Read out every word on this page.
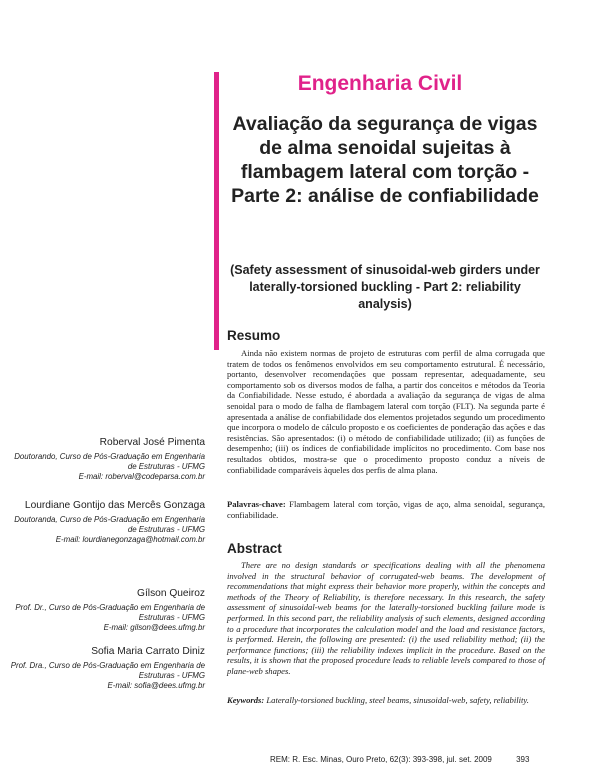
Engenharia Civil
Avaliação da segurança de vigas de alma senoidal sujeitas à flambagem lateral com torção - Parte 2: análise de confiabilidade
(Safety assessment of sinusoidal-web girders under laterally-torsioned buckling - Part 2: reliability analysis)
Resumo

Ainda não existem normas de projeto de estruturas com perfil de alma corrugada que tratem de todos os fenômenos envolvidos em seu comportamento estrutural. É necessário, portanto, desenvolver recomendações que possam representar, adequadamente, seu comportamento sob os diversos modos de falha, a partir dos conceitos e métodos da Teoria da Confiabilidade. Nesse estudo, é abordada a avaliação da segurança de vigas de alma senoidal para o modo de falha de flambagem lateral com torção (FLT). Na segunda parte é apresentada a análise de confiabilidade dos elementos projetados segundo um procedimento que incorpora o modelo de cálculo proposto e os coeficientes de ponderação das ações e das resistências. São apresentados: (i) o método de confiabilidade utilizado; (ii) as funções de desempenho; (iii) os índices de confiabilidade implícitos no procedimento. Com base nos resultados obtidos, mostra-se que o procedimento proposto conduz a níveis de confiabilidade comparáveis àqueles dos perfis de alma plana.

Palavras-chave: Flambagem lateral com torção, vigas de aço, alma senoidal, segurança, confiabilidade.
Abstract

There are no design standards or specifications dealing with all the phenomena involved in the structural behavior of corrugated-web beams. The development of recommendations that might express their behavior more properly, within the concepts and methods of the Theory of Reliability, is therefore necessary. In this research, the safety assessment of sinusoidal-web beams for the laterally-torsioned buckling failure mode is performed. In this second part, the reliability analysis of such elements, designed according to a procedure that incorporates the calculation model and the load and resistance factors, is performed. Herein, the following are presented: (i) the used reliability method; (ii) the performance functions; (iii) the reliability indexes implicit in the procedure. Based on the results, it is shown that the proposed procedure leads to reliable levels compared to those of plane-web shapes.

Keywords: Laterally-torsioned buckling, steel beams, sinusoidal-web, safety, reliability.
Roberval José Pimenta
Doutorando, Curso de Pós-Graduação em Engenharia de Estruturas - UFMG
E-mail: roberval@codeparsa.com.br
Lourdiane Gontijo das Mercês Gonzaga
Doutoranda, Curso de Pós-Graduação em Engenharia de Estruturas - UFMG
E-mail: lourdianegonzaga@hotmail.com.br
Gílson Queiroz
Prof. Dr., Curso de Pós-Graduação em Engenharia de Estruturas - UFMG
E-mail: gilson@dees.ufmg.br
Sofia Maria Carrato Diniz
Prof. Dra., Curso de Pós-Graduação em Engenharia de Estruturas - UFMG
E-mail: sofia@dees.ufmg.br
REM: R. Esc. Minas, Ouro Preto, 62(3): 393-398, jul. set. 2009	393
